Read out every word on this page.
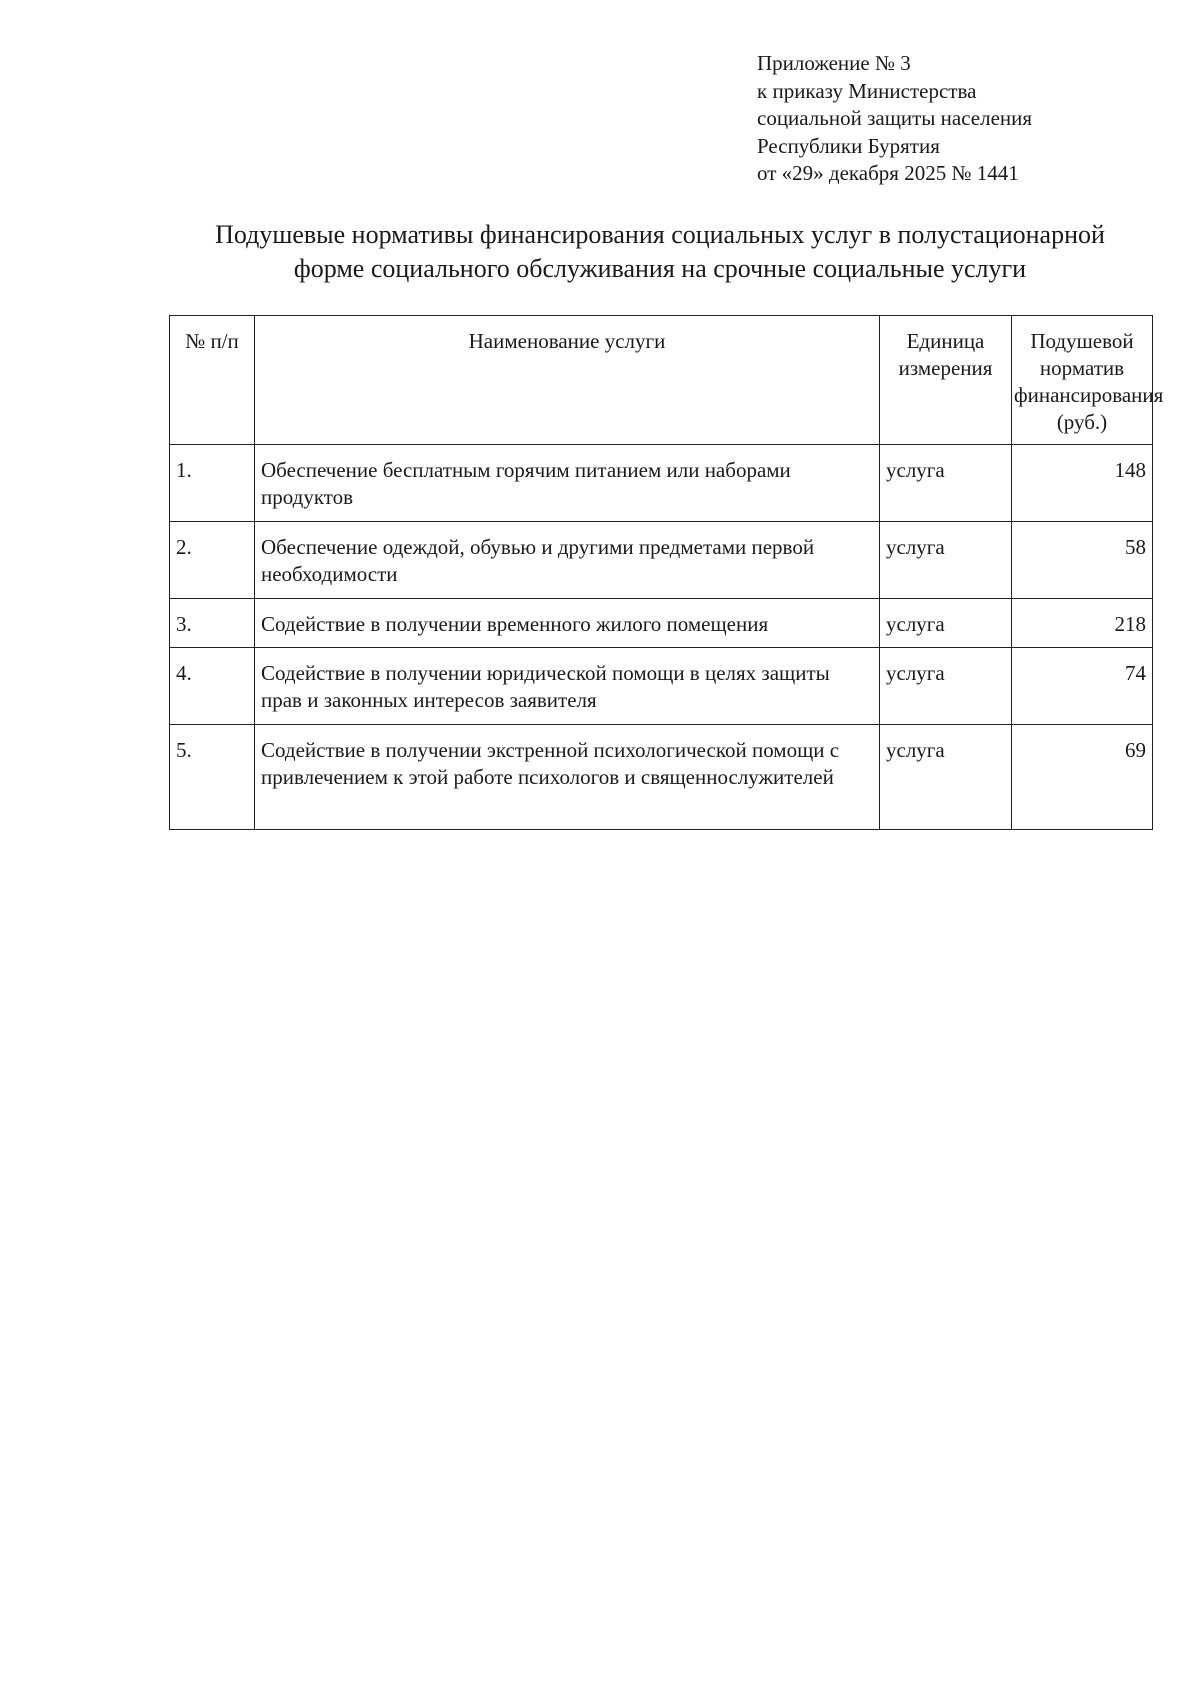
Приложение № 3
к приказу Министерства
социальной защиты населения
Республики Бурятия
от «29» декабря 2025 № 1441
Подушевые нормативы финансирования социальных услуг в полустационарной
форме социального обслуживания на срочные социальные услуги
№ п/п	Наименование услуги	Единица измерения	Подушевой норматив финансирования (руб.)
1.	Обеспечение бесплатным горячим питанием или наборами продуктов	услуга	148
2.	Обеспечение одеждой, обувью и другими предметами первой необходимости	услуга	58
3.	Содействие в получении временного жилого помещения	услуга	218
4.	Содействие в получении юридической помощи в целях защиты прав и законных интересов заявителя	услуга	74
5.	Содействие в получении экстренной психологической помощи с привлечением к этой работе психологов и священнослужителей	услуга	69
